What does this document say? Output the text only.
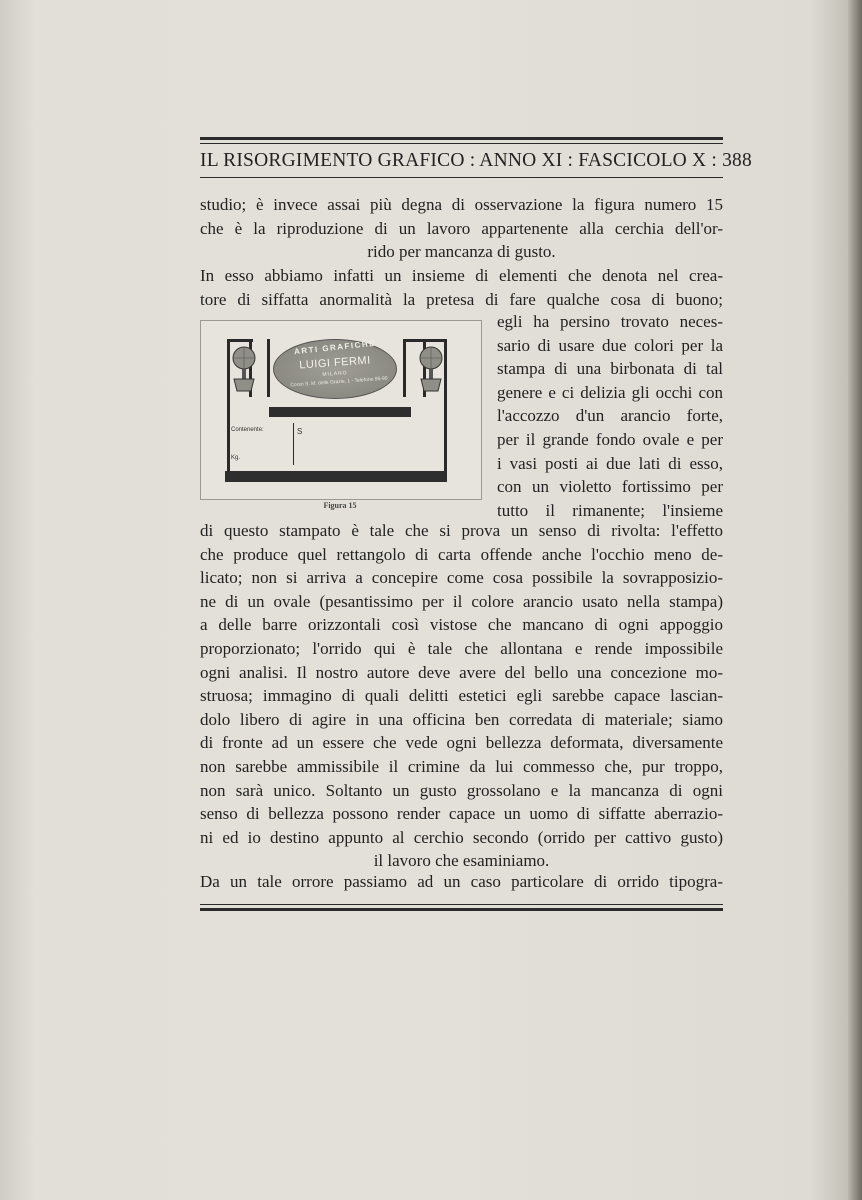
IL RISORGIMENTO GRAFICO : ANNO XI : FASCICOLO X : 388
studio; è invece assai più degna di osservazione la figura numero 15
che è la riproduzione di un lavoro appartenente alla cerchia dell'or-
rido per mancanza di gusto.
In esso abbiamo infatti un insieme di elementi che denota nel crea-
tore di siffatta anormalità la pretesa di fare qualche cosa di buono;
egli ha persino trovato neces-
sario di usare due colori per la
stampa di una birbonata di tal
genere e ci delizia gli occhi con
l'accozzo d'un arancio forte,
per il grande fondo ovale e per
i vasi posti ai due lati di esso,
con un violetto fortissimo per
tutto il rimanente; l'insieme
ARTI GRAFICHE
LUIGI FERMI
MILANO
Corso S. M. delle Grazie, 1 - Telefono 96-90
Contenente:	S
Kg.
Figura 15
di questo stampato è tale che si prova un senso di rivolta: l'effetto
che produce quel rettangolo di carta offende anche l'occhio meno de-
licato; non si arriva a concepire come cosa possibile la sovrapposizio-
ne di un ovale (pesantissimo per il colore arancio usato nella stampa)
a delle barre orizzontali così vistose che mancano di ogni appoggio
proporzionato; l'orrido qui è tale che allontana e rende impossibile
ogni analisi. Il nostro autore deve avere del bello una concezione mo-
struosa; immagino di quali delitti estetici egli sarebbe capace lascian-
dolo libero di agire in una officina ben corredata di materiale; siamo
di fronte ad un essere che vede ogni bellezza deformata, diversamente
non sarebbe ammissibile il crimine da lui commesso che, pur troppo,
non sarà unico. Soltanto un gusto grossolano e la mancanza di ogni
senso di bellezza possono render capace un uomo di siffatte aberrazio-
ni ed io destino appunto al cerchio secondo (orrido per cattivo gusto)
il lavoro che esaminiamo.
Da un tale orrore passiamo ad un caso particolare di orrido tipogra-
